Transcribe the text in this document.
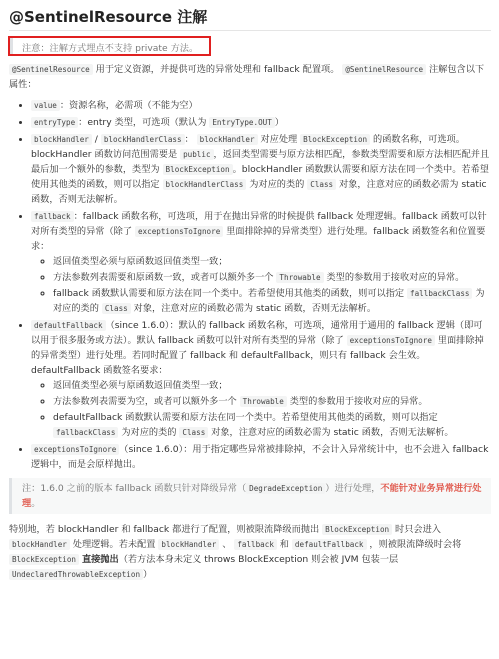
@SentinelResource 注解
注意：注解方式埋点不支持 private 方法。

@SentinelResource 用于定义资源，并提供可选的异常处理和 fallback 配置项。 @SentinelResource 注解包含以下属性：

• value ：资源名称，必需项（不能为空）
• entryType ：entry 类型，可选项（默认为 EntryType.OUT ）
• blockHandler / blockHandlerClass ： blockHandler 对应处理 BlockException 的函数名称，可选项。blockHandler 函数访问范围需要是 public ，返回类型需要与原方法相匹配，参数类型需要和原方法相匹配并且最后加一个额外的参数，类型为 BlockException 。blockHandler 函数默认需要和原方法在同一个类中。若希望使用其他类的函数，则可以指定 blockHandlerClass 为对应的类的 Class 对象，注意对应的函数必需为 static 函数，否则无法解析。
• fallback ：fallback 函数名称，可选项，用于在抛出异常的时候提供 fallback 处理逻辑。fallback 函数可以针对所有类型的异常（除了 exceptionsToIgnore 里面排除掉的异常类型）进行处理。fallback 函数签名和位置要求：
◦ 返回值类型必须与原函数返回值类型一致；
◦ 方法参数列表需要和原函数一致，或者可以额外多一个 Throwable 类型的参数用于接收对应的异常。
◦ fallback 函数默认需要和原方法在同一个类中。若希望使用其他类的函数，则可以指定 fallbackClass 为对应的类的 Class 对象，注意对应的函数必需为 static 函数，否则无法解析。
• defaultFallback （since 1.6.0）：默认的 fallback 函数名称，可选项，通常用于通用的 fallback 逻辑（即可以用于很多服务或方法）。默认 fallback 函数可以针对所有类型的异常（除了 exceptionsToIgnore 里面排除掉的异常类型）进行处理。若同时配置了 fallback 和 defaultFallback，则只有 fallback 会生效。defaultFallback 函数签名要求：
◦ 返回值类型必须与原函数返回值类型一致；
◦ 方法参数列表需要为空，或者可以额外多一个 Throwable 类型的参数用于接收对应的异常。
◦ defaultFallback 函数默认需要和原方法在同一个类中。若希望使用其他类的函数，则可以指定 fallbackClass 为对应的类的 Class 对象，注意对应的函数必需为 static 函数，否则无法解析。
• exceptionsToIgnore （since 1.6.0）：用于指定哪些异常被排除掉，不会计入异常统计中，也不会进入 fallback 逻辑中，而是会原样抛出。
注：1.6.0 之前的版本 fallback 函数只针对降级异常（ DegradeException ）进行处理，不能针对业务异常进行处理。

特别地，若 blockHandler 和 fallback 都进行了配置，则被限流降级而抛出 BlockException 时只会进入 blockHandler 处理逻辑。若未配置 blockHandler 、 fallback 和 defaultFallback ，则被限流降级时会将 BlockException 直接抛出（若方法本身未定义 throws BlockException 则会被 JVM 包装一层 UndeclaredThrowableException ）
